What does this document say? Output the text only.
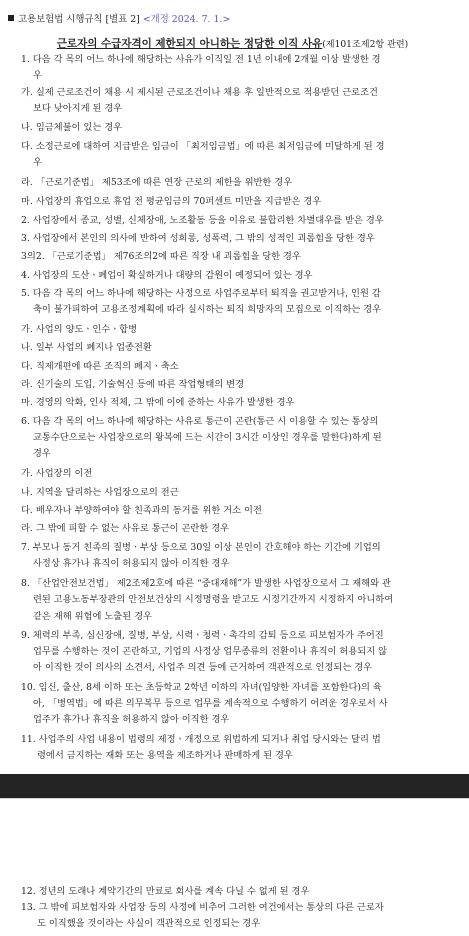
고용보험법 시행규칙 [별표 2] <개정 2024. 7. 1.>
근로자의 수급자격이 제한되지 아니하는 정당한 이직 사유(제101조제2항 관련)
1. 다음 각 목의 어느 하나에 해당하는 사유가 이직일 전 1년 이내에 2개월 이상 발생한 경
우
가. 실제 근로조건이 채용 시 제시된 근로조건이나 채용 후 일반적으로 적용받던 근로조건
보다 낮아지게 된 경우
나. 임금체불이 있는 경우
다. 소정근로에 대하여 지급받은 임금이 「최저임금법」에 따른 최저임금에 미달하게 된 경
우
라. 「근로기준법」 제53조에 따른 연장 근로의 제한을 위반한 경우
마. 사업장의 휴업으로 휴업 전 평균임금의 70퍼센트 미만을 지급받은 경우
2. 사업장에서 종교, 성별, 신체장애, 노조활동 등을 이유로 불합리한 차별대우를 받은 경우
3. 사업장에서 본인의 의사에 반하여 성희롱, 성폭력, 그 밖의 성적인 괴롭힘을 당한 경우
3의2. 「근로기준법」 제76조의2에 따른 직장 내 괴롭힘을 당한 경우
4. 사업장의 도산ㆍ폐업이 확실하거나 대량의 감원이 예정되어 있는 경우
5. 다음 각 목의 어느 하나에 해당하는 사정으로 사업주로부터 퇴직을 권고받거나, 인원 감
축이 불가피하여 고용조정계획에 따라 실시하는 퇴직 희망자의 모집으로 이직하는 경우
가. 사업의 양도ㆍ인수ㆍ합병
나. 일부 사업의 폐지나 업종전환
다. 직제개편에 따른 조직의 폐지ㆍ축소
라. 신기술의 도입, 기술혁신 등에 따른 작업형태의 변경
마. 경영의 악화, 인사 적체, 그 밖에 이에 준하는 사유가 발생한 경우
6. 다음 각 목의 어느 하나에 해당하는 사유로 통근이 곤란(통근 시 이용할 수 있는 통상의
교통수단으로는 사업장으로의 왕복에 드는 시간이 3시간 이상인 경우를 말한다)하게 된
경우
가. 사업장의 이전
나. 지역을 달리하는 사업장으로의 전근
다. 배우자나 부양하여야 할 친족과의 동거를 위한 거소 이전
라. 그 밖에 피할 수 없는 사유로 통근이 곤란한 경우
7. 부모나 동거 친족의 질병ㆍ부상 등으로 30일 이상 본인이 간호해야 하는 기간에 기업의
사정상 휴가나 휴직이 허용되지 않아 이직한 경우
8. 「산업안전보건법」 제2조제2호에 따른 “중대재해”가 발생한 사업장으로서 그 재해와 관
련된 고용노동부장관의 안전보건상의 시정명령을 받고도 시정기간까지 시정하지 아니하여
같은 재해 위험에 노출된 경우
9. 체력의 부족, 심신장애, 질병, 부상, 시력ㆍ청력ㆍ촉각의 감퇴 등으로 피보험자가 주어진
업무를 수행하는 것이 곤란하고, 기업의 사정상 업무종류의 전환이나 휴직이 허용되지 않
아 이직한 것이 의사의 소견서, 사업주 의견 등에 근거하여 객관적으로 인정되는 경우
10. 임신, 출산, 8세 이하 또는 초등학교 2학년 이하의 자녀(입양한 자녀를 포함한다)의 육
아, 「병역법」에 따른 의무복무 등으로 업무를 계속적으로 수행하기 어려운 경우로서 사
업주가 휴가나 휴직을 허용하지 않아 이직한 경우
11. 사업주의 사업 내용이 법령의 제정ㆍ개정으로 위법하게 되거나 취업 당시와는 달리 법
령에서 금지하는 재화 또는 용역을 제조하거나 판매하게 된 경우
12. 정년의 도래나 계약기간의 만료로 회사를 계속 다닐 수 없게 된 경우
13. 그 밖에 피보험자와 사업장 등의 사정에 비추어 그러한 여건에서는 통상의 다른 근로자
도 이직했을 것이라는 사실이 객관적으로 인정되는 경우
